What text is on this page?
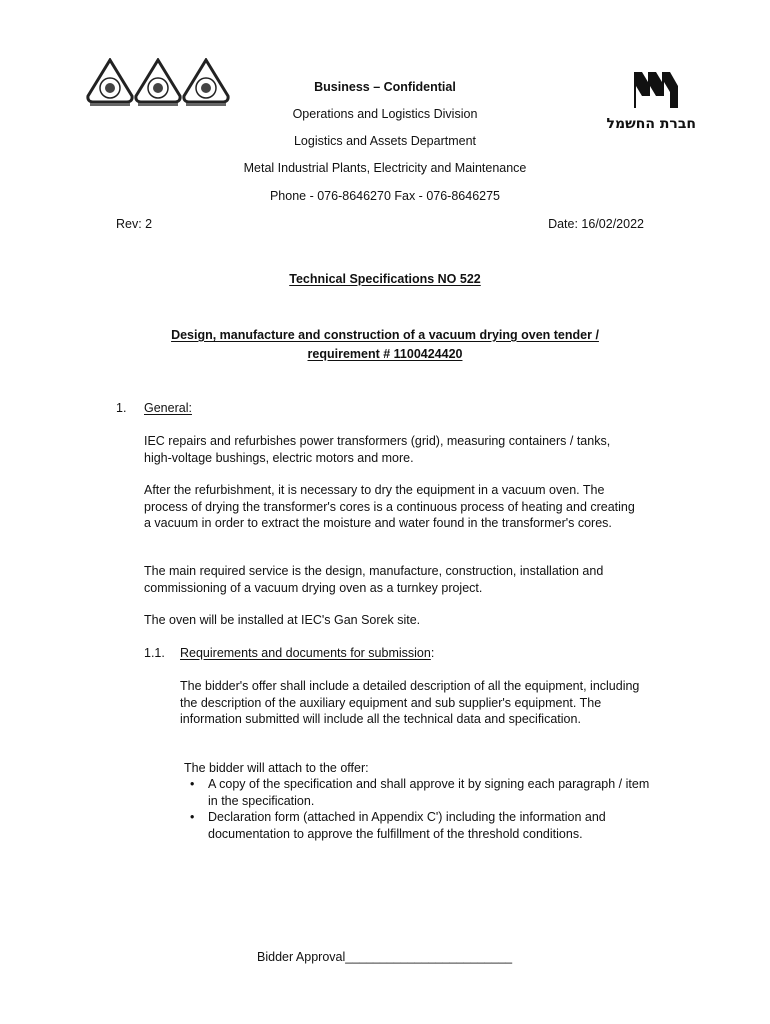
חברת החשמל
Business – Confidential
Operations and Logistics Division
Logistics and Assets Department
Metal Industrial Plants, Electricity and Maintenance
Phone - 076-8646270 Fax - 076-8646275
Rev: 2	Date: 16/02/2022
Technical Specifications NO 522
Design, manufacture and construction of a vacuum drying oven tender /
requirement # 1100424420
1. General:
IEC repairs and refurbishes power transformers (grid), measuring containers / tanks, high-voltage bushings, electric motors and more.
After the refurbishment, it is necessary to dry the equipment in a vacuum oven. The process of drying the transformer's cores is a continuous process of heating and creating a vacuum in order to extract the moisture and water found in the transformer's cores.
The main required service is the design, manufacture, construction, installation and commissioning of a vacuum drying oven as a turnkey project.
The oven will be installed at IEC's Gan Sorek site.
1.1. Requirements and documents for submission:
The bidder's offer shall include a detailed description of all the equipment, including the description of the auxiliary equipment and sub supplier's equipment. The information submitted will include all the technical data and specification.
The bidder will attach to the offer:
• A copy of the specification and shall approve it by signing each paragraph / item in the specification.
• Declaration form (attached in Appendix C') including the information and documentation to approve the fulfillment of the threshold conditions.
Bidder Approval________________________
